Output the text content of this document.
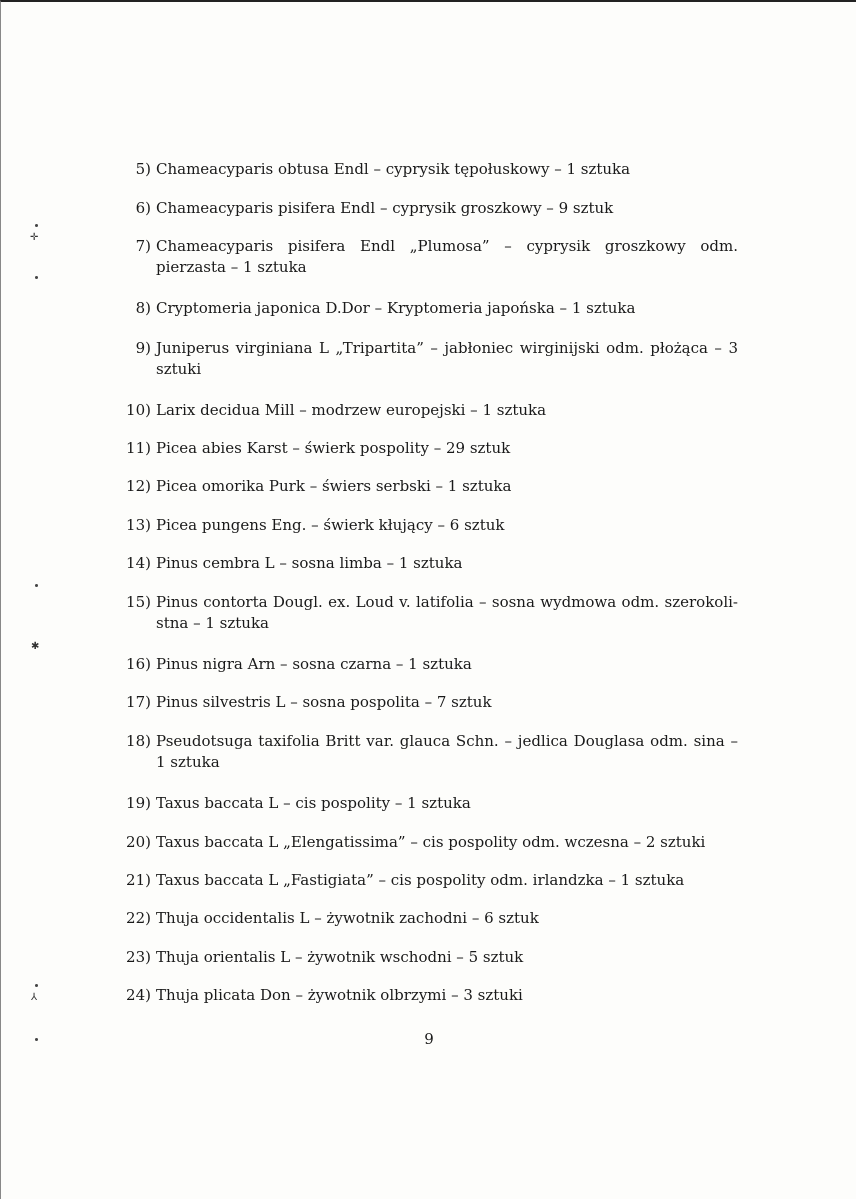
✛
✱
⅄
5) Chameacyparis obtusa Endl – cyprysik tępołuskowy – 1 sztuka
6) Chameacyparis pisifera Endl – cyprysik groszkowy – 9 sztuk
7) Chameacyparis pisifera Endl „Plumosa” – cyprysik groszkowy odm. pierzasta – 1 sztuka
8) Cryptomeria japonica D.Dor – Kryptomeria japońska – 1 sztuka
9) Juniperus virginiana L „Tripartita” – jabłoniec wirginijski odm. płożąca – 3 sztuki
10) Larix decidua Mill – modrzew europejski – 1 sztuka
11) Picea abies Karst – świerk pospolity – 29 sztuk
12) Picea omorika Purk – świers serbski – 1 sztuka
13) Picea pungens Eng. – świerk kłujący – 6 sztuk
14) Pinus cembra L – sosna limba – 1 sztuka
15) Pinus contorta Dougl. ex. Loud v. latifolia – sosna wydmowa odm. szerokoli-stna – 1 sztuka
16) Pinus nigra Arn – sosna czarna – 1 sztuka
17) Pinus silvestris L – sosna pospolita – 7 sztuk
18) Pseudotsuga taxifolia Britt var. glauca Schn. – jedlica Douglasa odm. sina – 1 sztuka
19) Taxus baccata L – cis pospolity – 1 sztuka
20) Taxus baccata L „Elengatissima” – cis pospolity odm. wczesna – 2 sztuki
21) Taxus baccata L „Fastigiata” – cis pospolity odm. irlandzka – 1 sztuka
22) Thuja occidentalis L – żywotnik zachodni – 6 sztuk
23) Thuja orientalis L – żywotnik wschodni – 5 sztuk
24) Thuja plicata Don – żywotnik olbrzymi – 3 sztuki
9
